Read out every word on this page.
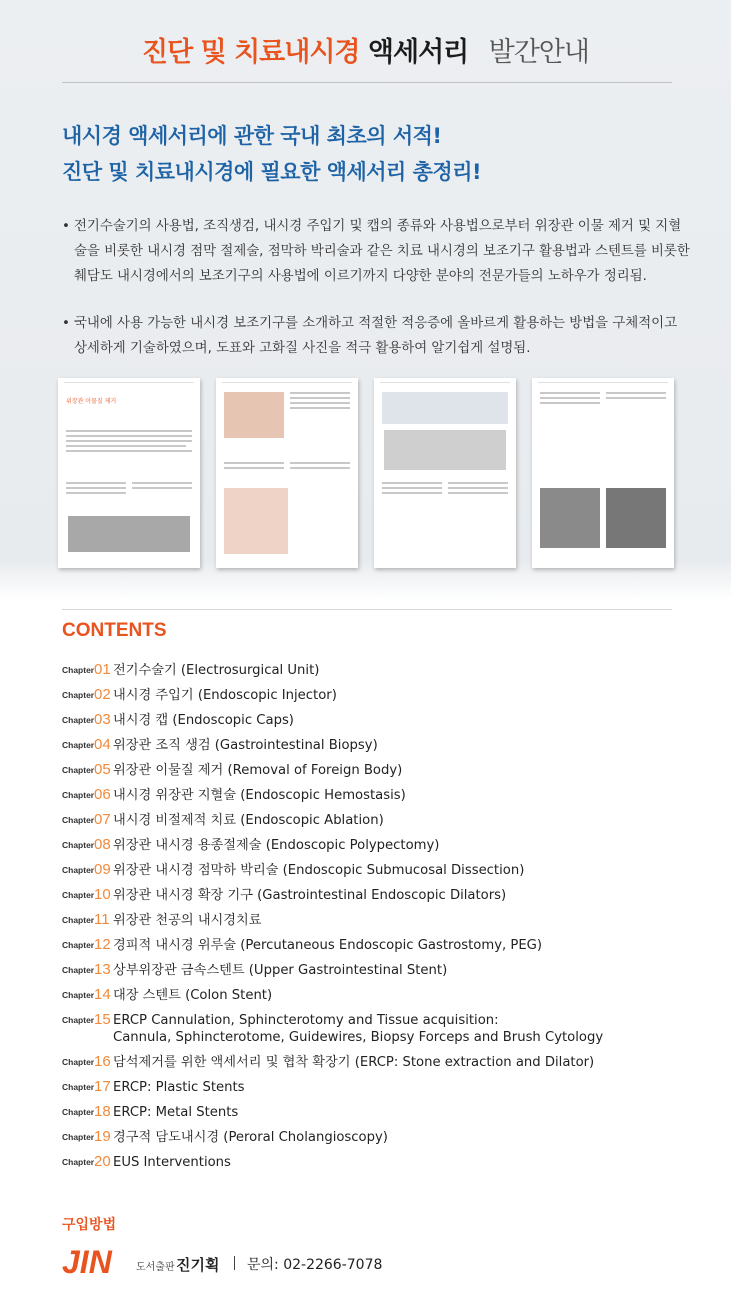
진단 및 치료내시경 액세서리 발간안내
내시경 액세서리에 관한 국내 최초의 서적!
진단 및 치료내시경에 필요한 액세서리 총정리!
• 전기수술기의 사용법, 조직생검, 내시경 주입기 및 캡의 종류와 사용법으로부터 위장관 이물 제거 및 지혈술을 비롯한 내시경 점막 절제술, 점막하 박리술과 같은 치료 내시경의 보조기구 활용법과 스텐트를 비롯한 췌담도 내시경에서의 보조기구의 사용법에 이르기까지 다양한 분야의 전문가들의 노하우가 정리됨.
• 국내에 사용 가능한 내시경 보조기구를 소개하고 적절한 적응증에 올바르게 활용하는 방법을 구체적이고 상세하게 기술하였으며, 도표와 고화질 사진을 적극 활용하여 알기쉽게 설명됨.
위장관 이물질 제거
CONTENTS
Chapter 01 전기수술기 (Electrosurgical Unit)
Chapter 02 내시경 주입기 (Endoscopic Injector)
Chapter 03 내시경 캡 (Endoscopic Caps)
Chapter 04 위장관 조직 생검 (Gastrointestinal Biopsy)
Chapter 05 위장관 이물질 제거 (Removal of Foreign Body)
Chapter 06 내시경 위장관 지혈술 (Endoscopic Hemostasis)
Chapter 07 내시경 비절제적 치료 (Endoscopic Ablation)
Chapter 08 위장관 내시경 용종절제술 (Endoscopic Polypectomy)
Chapter 09 위장관 내시경 점막하 박리술 (Endoscopic Submucosal Dissection)
Chapter 10 위장관 내시경 확장 기구 (Gastrointestinal Endoscopic Dilators)
Chapter 11 위장관 천공의 내시경치료
Chapter 12 경피적 내시경 위루술 (Percutaneous Endoscopic Gastrostomy, PEG)
Chapter 13 상부위장관 금속스텐트 (Upper Gastrointestinal Stent)
Chapter 14 대장 스텐트 (Colon Stent)
Chapter 15 ERCP Cannulation, Sphincterotomy and Tissue acquisition:
Cannula, Sphincterotome, Guidewires, Biopsy Forceps and Brush Cytology
Chapter 16 담석제거를 위한 액세서리 및 협착 확장기 (ERCP: Stone extraction and Dilator)
Chapter 17 ERCP: Plastic Stents
Chapter 18 ERCP: Metal Stents
Chapter 19 경구적 담도내시경 (Peroral Cholangioscopy)
Chapter 20 EUS Interventions
구입방법
JIN 도서출판 진기획 문의: 02-2266-7078
